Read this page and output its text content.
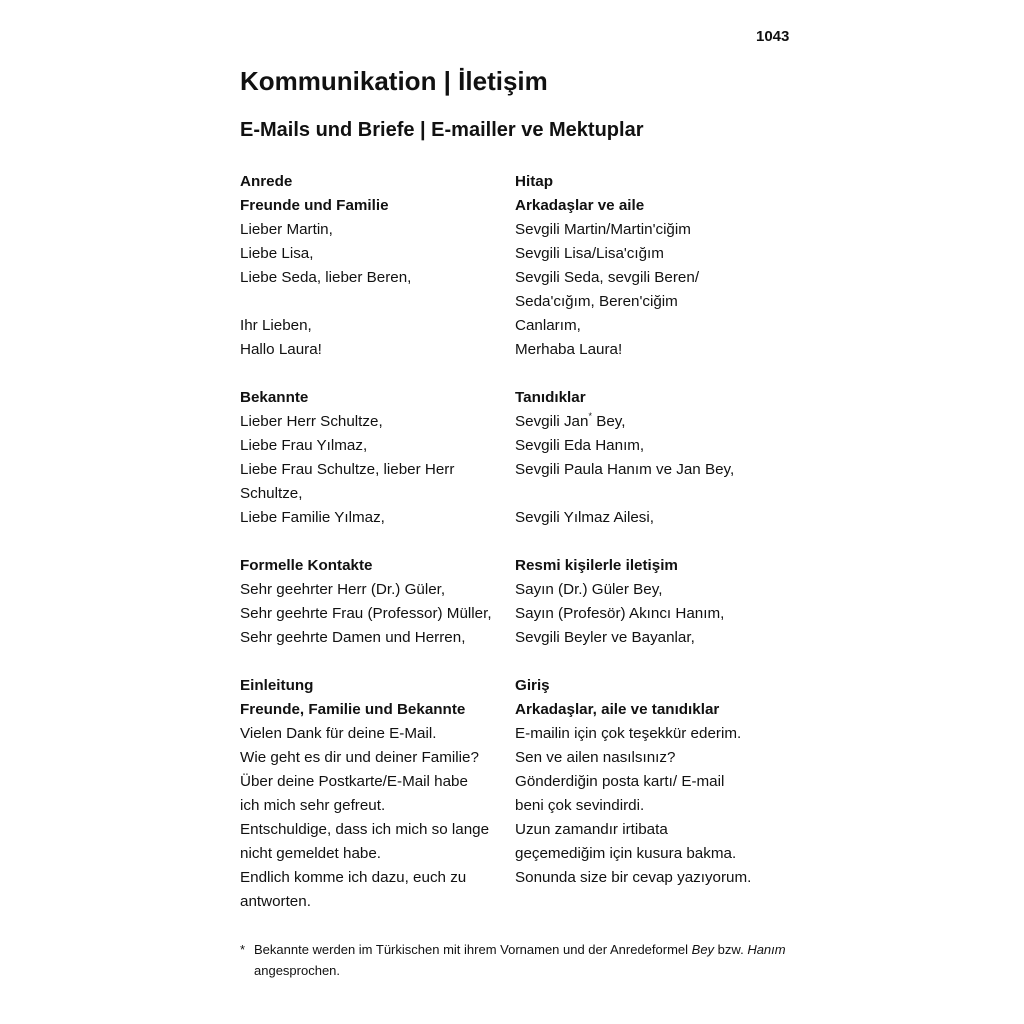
1043
Kommunikation | İletişim
E-Mails und Briefe | E-mailler ve Mektuplar
Anrede
Freunde und Familie
Lieber Martin,
Liebe Lisa,
Liebe Seda, lieber Beren,
Ihr Lieben,
Hallo Laura!
Hitap
Arkadaşlar ve aile
Sevgili Martin/Martin'ciğim
Sevgili Lisa/Lisa'cığım
Sevgili Seda, sevgili Beren/
Seda'cığım, Beren'ciğim
Canlarım,
Merhaba Laura!
Bekannte
Lieber Herr Schultze,
Liebe Frau Yılmaz,
Liebe Frau Schultze, lieber Herr Schultze,
Liebe Familie Yılmaz,
Tanıdıklar
Sevgili Jan* Bey,
Sevgili Eda Hanım,
Sevgili Paula Hanım ve Jan Bey,
Sevgili Yılmaz Ailesi,
Formelle Kontakte
Sehr geehrter Herr (Dr.) Güler,
Sehr geehrte Frau (Professor) Müller,
Sehr geehrte Damen und Herren,
Resmi kişilerle iletişim
Sayın (Dr.) Güler Bey,
Sayın (Profesör) Akıncı Hanım,
Sevgili Beyler ve Bayanlar,
Einleitung
Freunde, Familie und Bekannte
Vielen Dank für deine E-Mail.
Wie geht es dir und deiner Familie?
Über deine Postkarte/E-Mail habe
ich mich sehr gefreut.
Entschuldige, dass ich mich so lange
nicht gemeldet habe.
Endlich komme ich dazu, euch zu
antworten.
Giriş
Arkadaşlar, aile ve tanıdıklar
E-mailin için çok teşekkür ederim.
Sen ve ailen nasılsınız?
Gönderdiğin posta kartı/ E-mail
beni çok sevindirdi.
Uzun zamandır irtibata
geçemediğim için kusura bakma.
Sonunda size bir cevap yazıyorum.
* Bekannte werden im Türkischen mit ihrem Vornamen und der Anredeformel Bey bzw. Hanım angesprochen.
